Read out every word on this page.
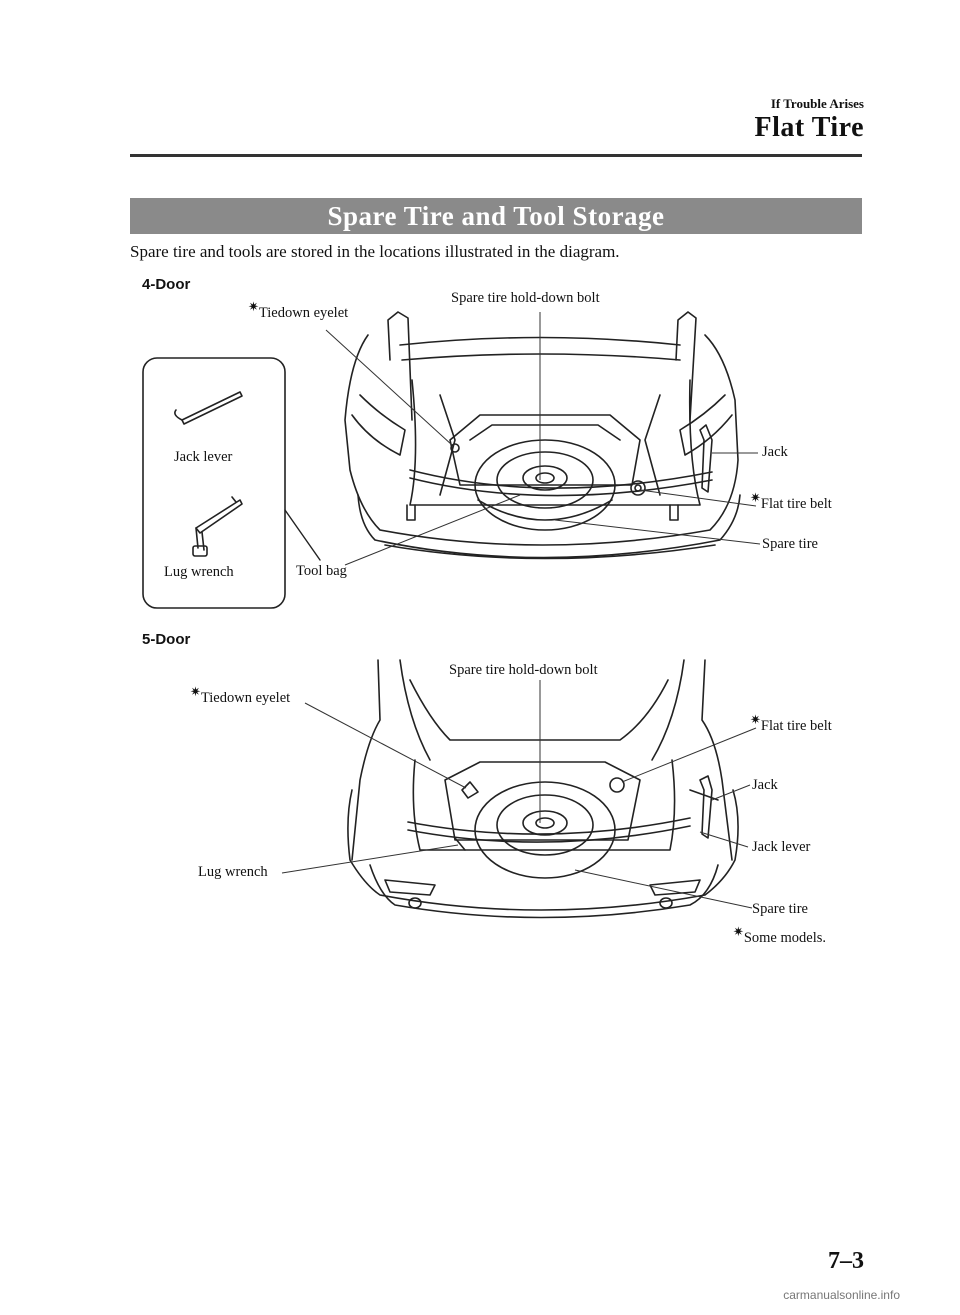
If Trouble Arises
Flat Tire
Spare Tire and Tool Storage
Spare tire and tools are stored in the locations illustrated in the diagram.
4-Door
✷Tiedown eyelet
Spare tire hold-down bolt
Jack
✷Flat tire belt
Spare tire
Tool bag
Jack lever
Lug wrench
5-Door
Spare tire hold-down bolt
✷Tiedown eyelet
✷Flat tire belt
Jack
Jack lever
Lug wrench
Spare tire
✷Some models.
7–3
carmanualsonline.info
